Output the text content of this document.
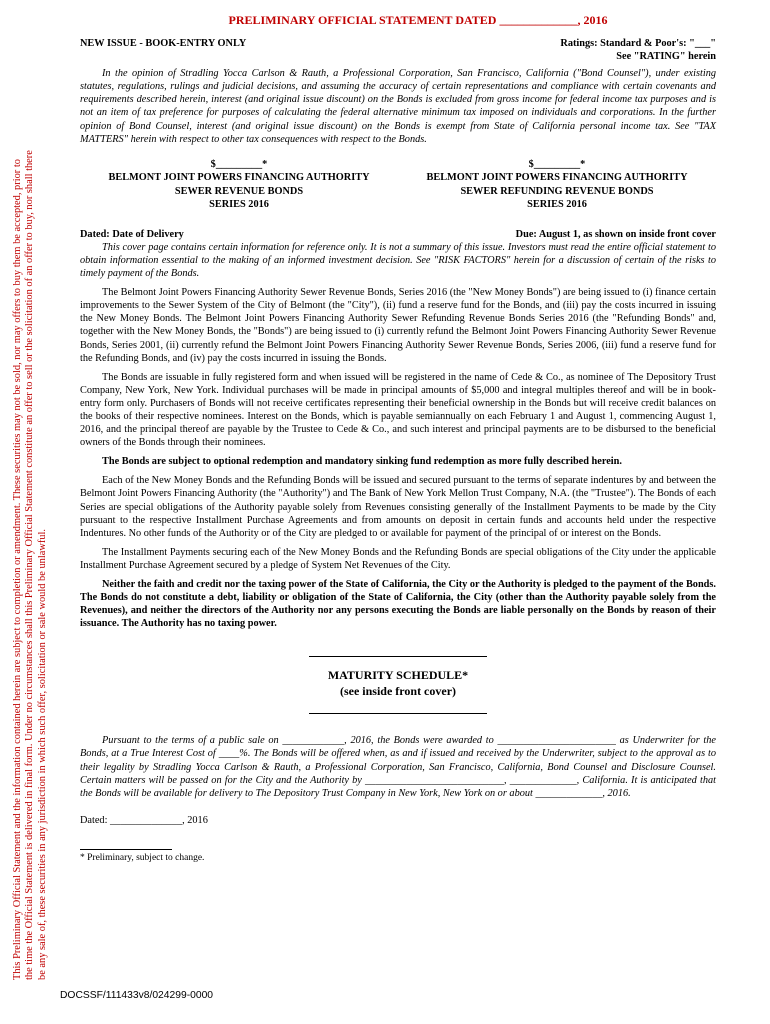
This Preliminary Official Statement and the information contained herein are subject to completion or amendment. These securities may not be sold, nor may offers to buy them be accepted, prior to the time the Official Statement is delivered in final form. Under no circumstances shall this Preliminary Official Statement constitute an offer to sell or the solicitation of an offer to buy, nor shall there be any sale of, these securities in any jurisdiction in which such offer, solicitation or sale would be unlawful.
PRELIMINARY OFFICIAL STATEMENT DATED _____________, 2016
NEW ISSUE - BOOK-ENTRY ONLY	Ratings: Standard & Poor's: "___"
See "RATING" herein
In the opinion of Stradling Yocca Carlson & Rauth, a Professional Corporation, San Francisco, California ("Bond Counsel"), under existing statutes, regulations, rulings and judicial decisions, and assuming the accuracy of certain representations and compliance with certain covenants and requirements described herein, interest (and original issue discount) on the Bonds is excluded from gross income for federal income tax purposes and is not an item of tax preference for purposes of calculating the federal alternative minimum tax imposed on individuals and corporations. In the further opinion of Bond Counsel, interest (and original issue discount) on the Bonds is exempt from State of California personal income tax. See "TAX MATTERS" herein with respect to other tax consequences with respect to the Bonds.
$_________*
BELMONT JOINT POWERS FINANCING AUTHORITY
SEWER REVENUE BONDS
SERIES 2016
$_________*
BELMONT JOINT POWERS FINANCING AUTHORITY
SEWER REFUNDING REVENUE BONDS
SERIES 2016
Dated: Date of Delivery	Due: August 1, as shown on inside front cover

This cover page contains certain information for reference only. It is not a summary of this issue. Investors must read the entire official statement to obtain information essential to the making of an informed investment decision. See "RISK FACTORS" herein for a discussion of certain of the risks to timely payment of the Bonds.

The Belmont Joint Powers Financing Authority Sewer Revenue Bonds, Series 2016 (the "New Money Bonds") are being issued to (i) finance certain improvements to the Sewer System of the City of Belmont (the "City"), (ii) fund a reserve fund for the Bonds, and (iii) pay the costs incurred in issuing the New Money Bonds. The Belmont Joint Powers Financing Authority Sewer Refunding Revenue Bonds Series 2016 (the "Refunding Bonds" and, together with the New Money Bonds, the "Bonds") are being issued to (i) currently refund the Belmont Joint Powers Financing Authority Sewer Revenue Bonds, Series 2001, (ii) currently refund the Belmont Joint Powers Financing Authority Sewer Revenue Bonds, Series 2006, (iii) fund a reserve fund for the Refunding Bonds, and (iv) pay the costs incurred in issuing the Bonds.

The Bonds are issuable in fully registered form and when issued will be registered in the name of Cede & Co., as nominee of The Depository Trust Company, New York, New York. Individual purchases will be made in principal amounts of $5,000 and integral multiples thereof and will be in book-entry form only. Purchasers of Bonds will not receive certificates representing their beneficial ownership in the Bonds but will receive credit balances on the books of their respective nominees. Interest on the Bonds, which is payable semiannually on each February 1 and August 1, commencing August 1, 2016, and the principal thereof are payable by the Trustee to Cede & Co., and such interest and principal payments are to be disbursed to the beneficial owners of the Bonds through their nominees.

The Bonds are subject to optional redemption and mandatory sinking fund redemption as more fully described herein.

Each of the New Money Bonds and the Refunding Bonds will be issued and secured pursuant to the terms of separate indentures by and between the Belmont Joint Powers Financing Authority (the "Authority") and The Bank of New York Mellon Trust Company, N.A. (the "Trustee"). The Bonds of each Series are special obligations of the Authority payable solely from Revenues consisting generally of the Installment Payments to be made by the City pursuant to the respective Installment Purchase Agreements and from amounts on deposit in certain funds and accounts held under the respective Indentures. No other funds of the Authority or of the City are pledged to or available for payment of the principal of or interest on the Bonds.

The Installment Payments securing each of the New Money Bonds and the Refunding Bonds are special obligations of the City under the applicable Installment Purchase Agreement secured by a pledge of System Net Revenues of the City.

Neither the faith and credit nor the taxing power of the State of California, the City or the Authority is pledged to the payment of the Bonds. The Bonds do not constitute a debt, liability or obligation of the State of California, the City (other than the Authority payable solely from the Revenues), and neither the directors of the Authority nor any persons executing the Bonds are liable personally on the Bonds by reason of their issuance. The Authority has no taxing power.

MATURITY SCHEDULE*
(see inside front cover)

Pursuant to the terms of a public sale on ____________, 2016, the Bonds were awarded to _______________________ as Underwriter for the Bonds, at a True Interest Cost of ____%. The Bonds will be offered when, as and if issued and received by the Underwriter, subject to the approval as to their legality by Stradling Yocca Carlson & Rauth, a Professional Corporation, San Francisco, California, Bond Counsel and Disclosure Counsel. Certain matters will be passed on for the City and the Authority by ___________________________, _____________, California. It is anticipated that the Bonds will be available for delivery to The Depository Trust Company in New York, New York on or about _____________, 2016.

Dated: ______________, 2016
* Preliminary, subject to change.
DOCSSF/111433v8/024299-0000
